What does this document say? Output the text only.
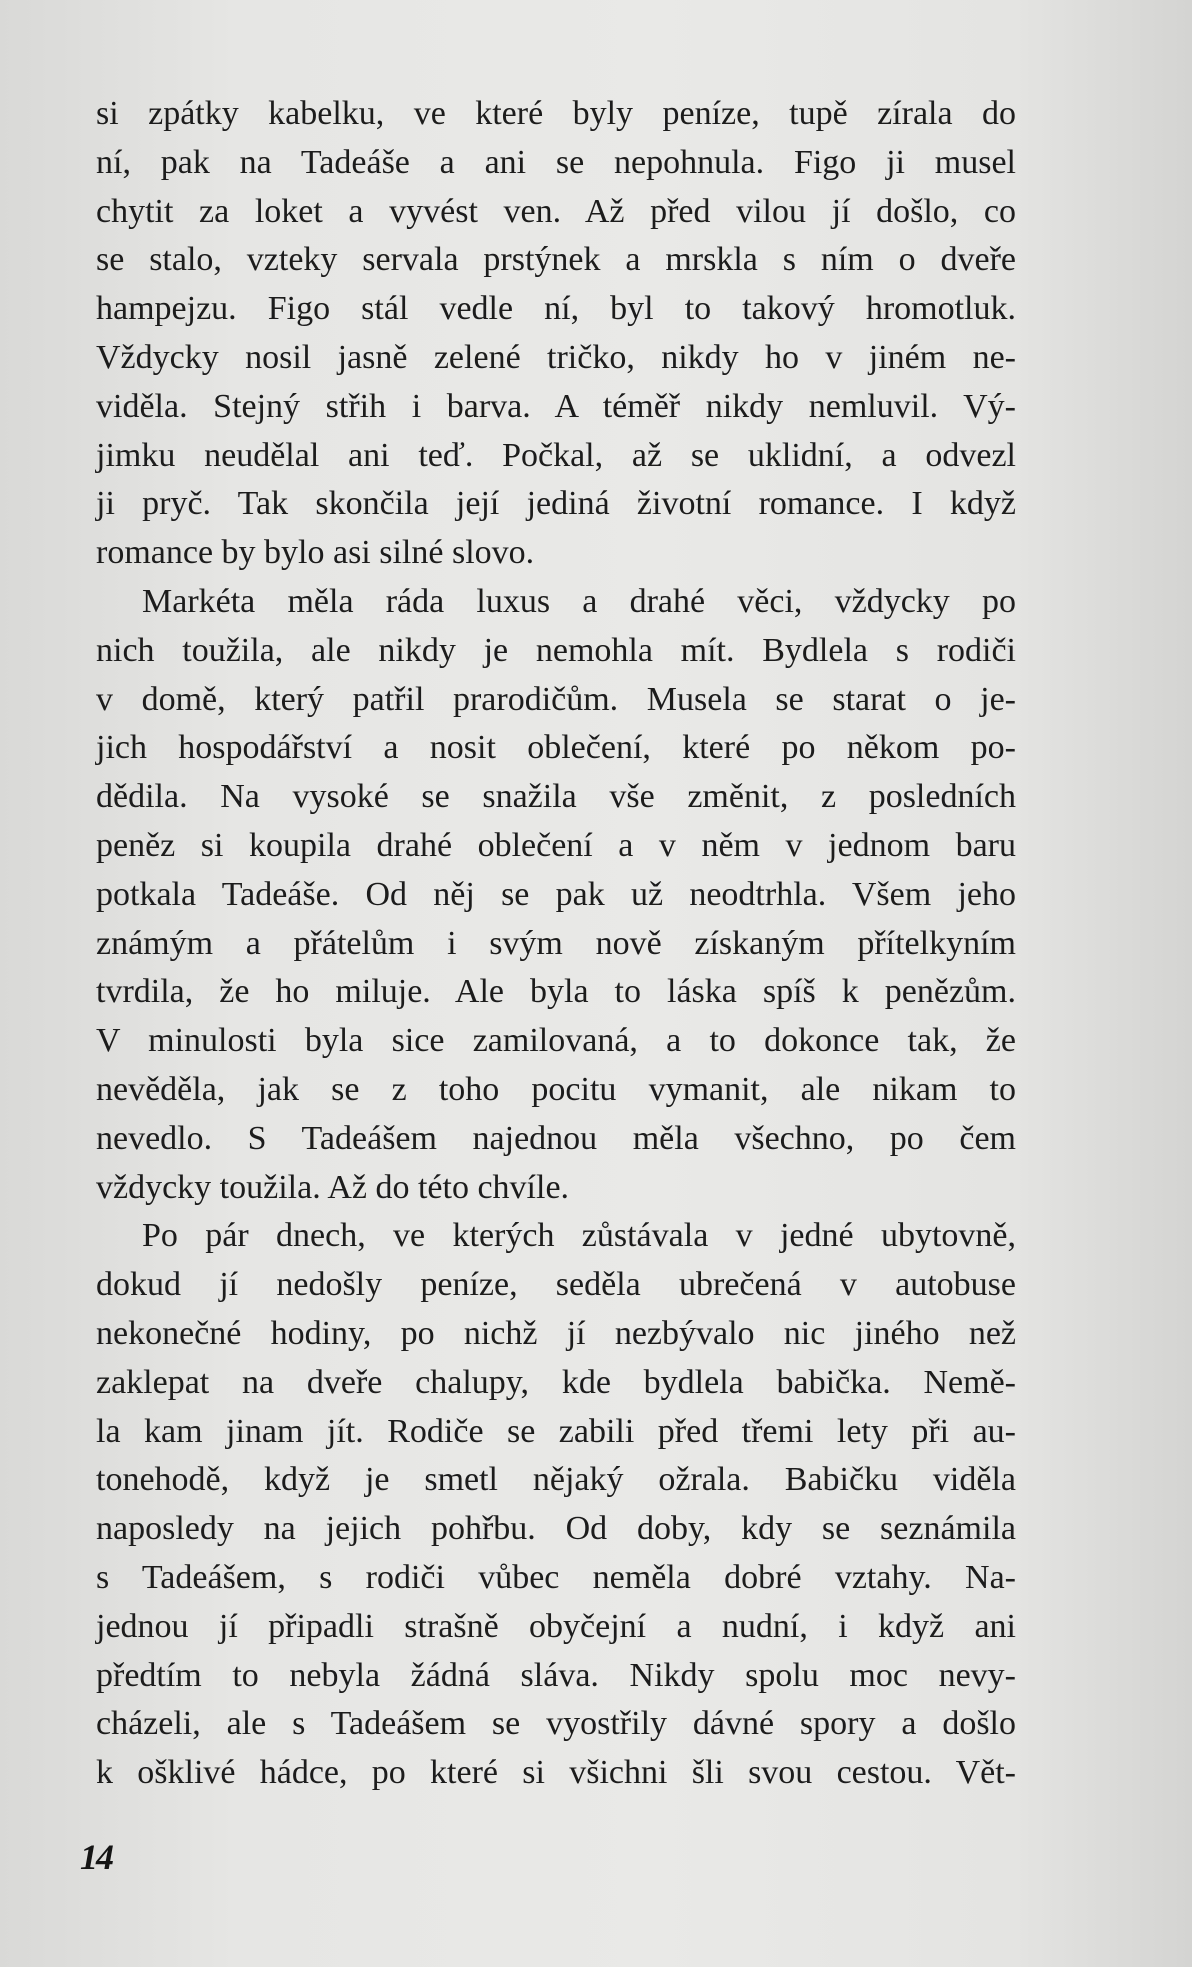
si zpátky kabelku, ve které byly peníze, tupě zírala do
ní, pak na Tadeáše a ani se nepohnula. Figo ji musel
chytit za loket a vyvést ven. Až před vilou jí došlo, co
se stalo, vzteky servala prstýnek a mrskla s ním o dveře
hampejzu. Figo stál vedle ní, byl to takový hromotluk.
Vždycky nosil jasně zelené tričko, nikdy ho v jiném ne-
viděla. Stejný střih i barva. A téměř nikdy nemluvil. Vý-
jimku neudělal ani teď. Počkal, až se uklidní, a odvezl
ji pryč. Tak skončila její jediná životní romance. I když
romance by bylo asi silné slovo.
Markéta měla ráda luxus a drahé věci, vždycky po
nich toužila, ale nikdy je nemohla mít. Bydlela s rodiči
v domě, který patřil prarodičům. Musela se starat o je-
jich hospodářství a nosit oblečení, které po někom po-
dědila. Na vysoké se snažila vše změnit, z posledních
peněz si koupila drahé oblečení a v něm v jednom baru
potkala Tadeáše. Od něj se pak už neodtrhla. Všem jeho
známým a přátelům i svým nově získaným přítelkyním
tvrdila, že ho miluje. Ale byla to láska spíš k penězům.
V minulosti byla sice zamilovaná, a to dokonce tak, že
nevěděla, jak se z toho pocitu vymanit, ale nikam to
nevedlo. S Tadeášem najednou měla všechno, po čem
vždycky toužila. Až do této chvíle.
Po pár dnech, ve kterých zůstávala v jedné ubytovně,
dokud jí nedošly peníze, seděla ubrečená v autobuse
nekonečné hodiny, po nichž jí nezbývalo nic jiného než
zaklepat na dveře chalupy, kde bydlela babička. Nemě-
la kam jinam jít. Rodiče se zabili před třemi lety při au-
tonehodě, když je smetl nějaký ožrala. Babičku viděla
naposledy na jejich pohřbu. Od doby, kdy se seznámila
s Tadeášem, s rodiči vůbec neměla dobré vztahy. Na-
jednou jí připadli strašně obyčejní a nudní, i když ani
předtím to nebyla žádná sláva. Nikdy spolu moc nevy-
cházeli, ale s Tadeášem se vyostřily dávné spory a došlo
k ošklivé hádce, po které si všichni šli svou cestou. Vět-
14
